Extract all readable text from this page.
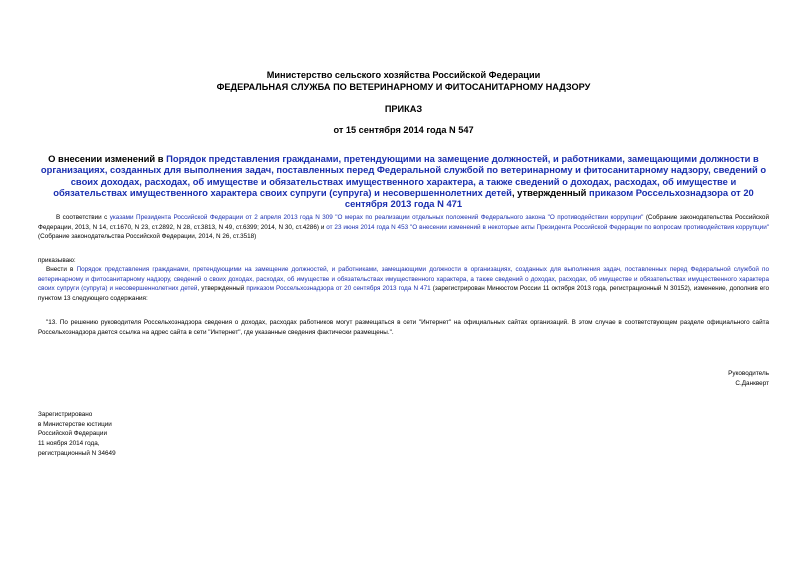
Министерство сельского хозяйства Российской Федерации
ФЕДЕРАЛЬНАЯ СЛУЖБА ПО ВЕТЕРИНАРНОМУ И ФИТОСАНИТАРНОМУ НАДЗОРУ
ПРИКАЗ
от 15 сентября 2014 года N 547
О внесении изменений в Порядок представления гражданами, претендующими на замещение должностей, и работниками, замещающими должности в организациях, созданных для выполнения задач, поставленных перед Федеральной службой по ветеринарному и фитосанитарному надзору, сведений о своих доходах, расходах, об имуществе и обязательствах имущественного характера, а также сведений о доходах, расходах, об имуществе и обязательствах имущественного характера своих супруги (супруга) и несовершеннолетних детей, утвержденный приказом Россельхознадзора от 20 сентября 2013 года N 471
В соответствии с указами Президента Российской Федерации от 2 апреля 2013 года N 309 "О мерах по реализации отдельных положений Федерального закона "О противодействии коррупции" (Собрание законодательства Российской Федерации, 2013, N 14, ст.1670, N 23, ст.2892, N 28, ст.3813, N 49, ст.6399; 2014, N 30, ст.4286) и от 23 июня 2014 года N 453 "О внесении изменений в некоторые акты Президента Российской Федерации по вопросам противодействия коррупции" (Собрание законодательства Российской Федерации, 2014, N 26, ст.3518)
приказываю:
Внести в Порядок представления гражданами, претендующими на замещение должностей, и работниками, замещающими должности в организациях, созданных для выполнения задач, поставленных перед Федеральной службой по ветеринарному и фитосанитарному надзору, сведений о своих доходах, расходах, об имуществе и обязательствах имущественного характера, а также сведений о доходах, расходах, об имуществе и обязательствах имущественного характера своих супруги (супруга) и несовершеннолетних детей, утвержденный приказом Россельхознадзора от 20 сентября 2013 года N 471 (зарегистрирован Минюстом России 11 октября 2013 года, регистрационный N 30152), изменение, дополнив его пунктом 13 следующего содержания:
"13. По решению руководителя Россельхознадзора сведения о доходах, расходах работников могут размещаться в сети "Интернет" на официальных сайтах организаций. В этом случае в соответствующем разделе официального сайта Россельхознадзора дается ссылка на адрес сайта в сети "Интернет", где указанные сведения фактически размещены.".
Руководитель
С.Данкверт
Зарегистрировано
в Министерстве юстиции
Российской Федерации
11 ноября 2014 года,
регистрационный N 34649
